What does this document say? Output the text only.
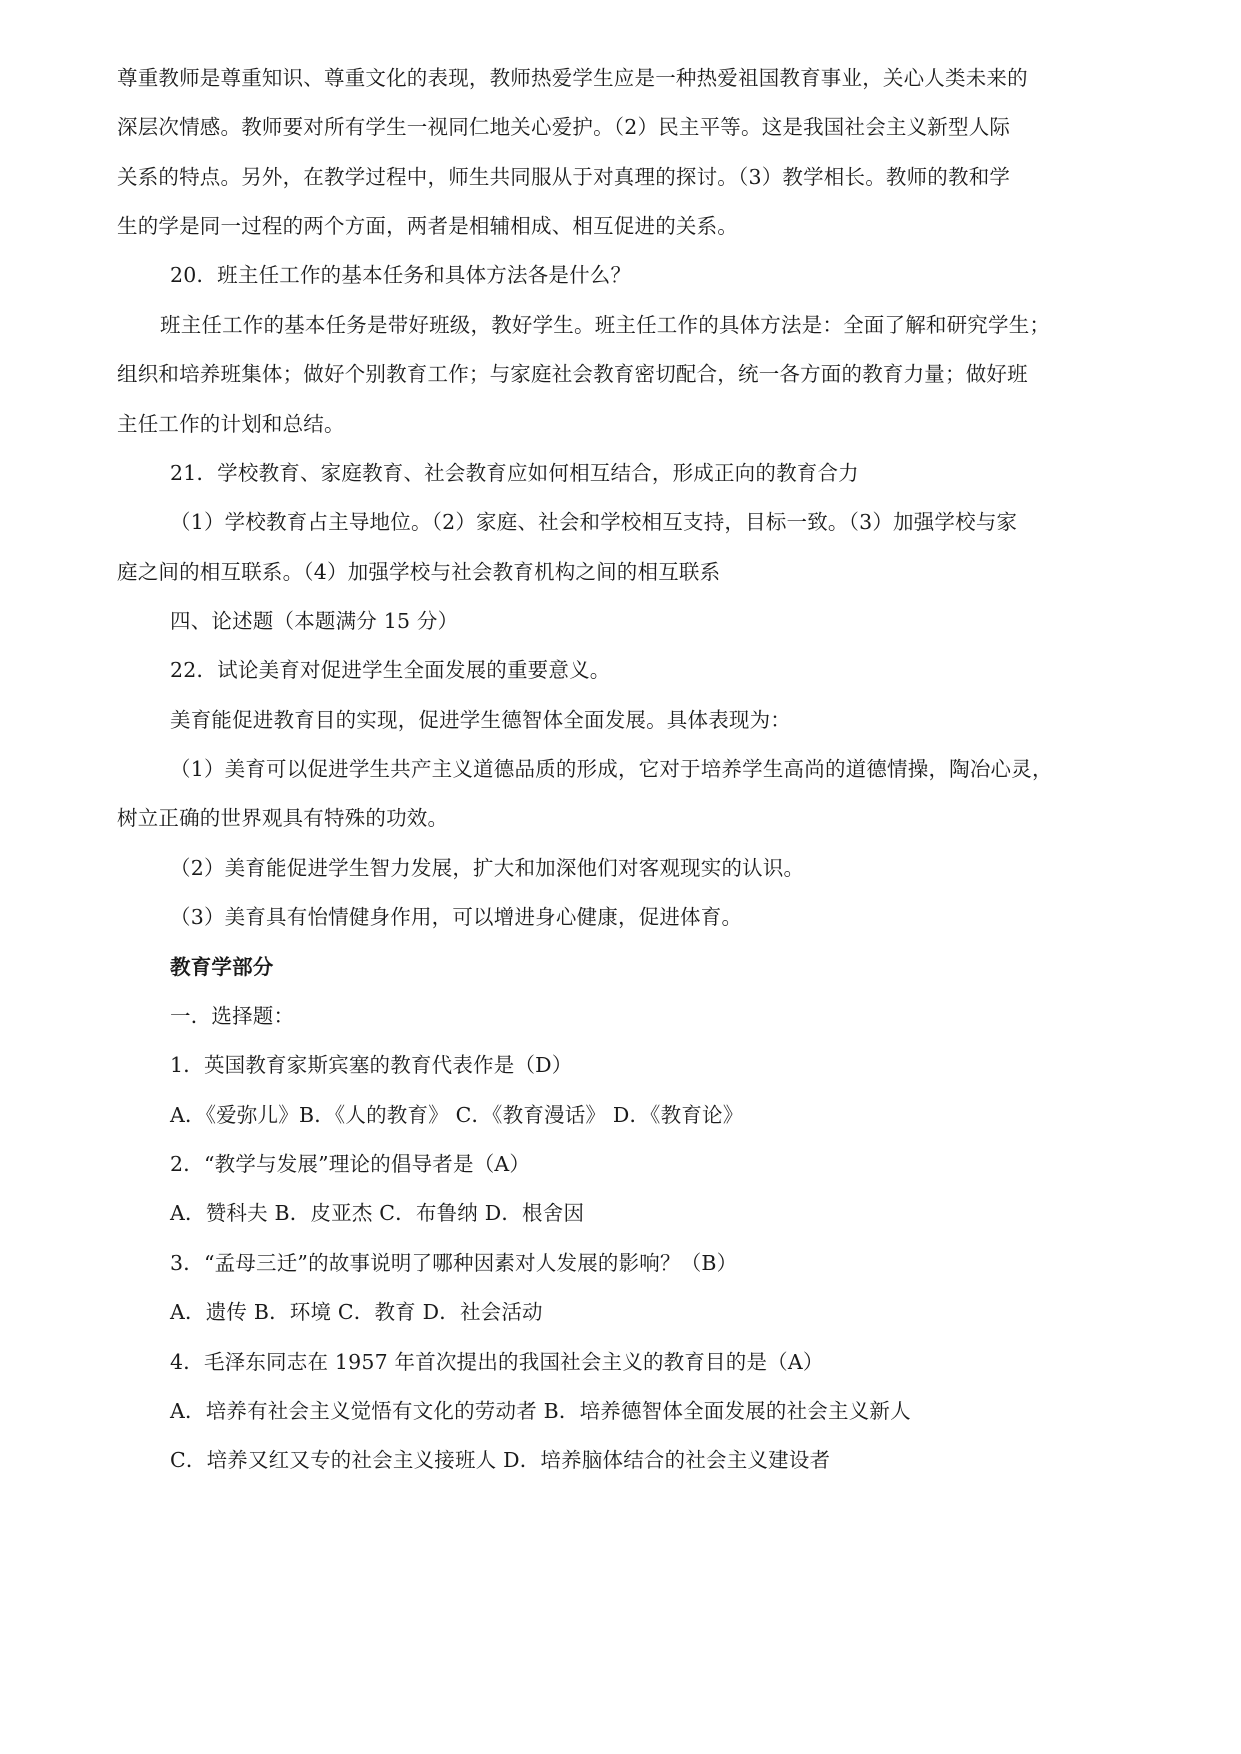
尊重教师是尊重知识、尊重文化的表现，教师热爱学生应是一种热爱祖国教育事业，关心人类未来的
深层次情感。教师要对所有学生一视同仁地关心爱护。（2）民主平等。这是我国社会主义新型人际
关系的特点。另外，在教学过程中，师生共同服从于对真理的探讨。（3）教学相长。教师的教和学
生的学是同一过程的两个方面，两者是相辅相成、相互促进的关系。
20．班主任工作的基本任务和具体方法各是什么？
班主任工作的基本任务是带好班级，教好学生。班主任工作的具体方法是：全面了解和研究学生；
组织和培养班集体；做好个别教育工作；与家庭社会教育密切配合，统一各方面的教育力量；做好班
主任工作的计划和总结。
21．学校教育、家庭教育、社会教育应如何相互结合，形成正向的教育合力
（1）学校教育占主导地位。（2）家庭、社会和学校相互支持，目标一致。（3）加强学校与家
庭之间的相互联系。（4）加强学校与社会教育机构之间的相互联系
四、论述题（本题满分 15 分）
22．试论美育对促进学生全面发展的重要意义。
美育能促进教育目的实现，促进学生德智体全面发展。具体表现为：
（1）美育可以促进学生共产主义道德品质的形成，它对于培养学生高尚的道德情操，陶冶心灵，
树立正确的世界观具有特殊的功效。
（2）美育能促进学生智力发展，扩大和加深他们对客观现实的认识。
（3）美育具有怡情健身作用，可以增进身心健康，促进体育。
教育学部分
一．选择题：
1．英国教育家斯宾塞的教育代表作是（D）
A．《爱弥儿》B．《人的教育》 C．《教育漫话》 D．《教育论》
2．“教学与发展”理论的倡导者是（A）
A．赞科夫 B．皮亚杰 C．布鲁纳 D．根舍因
3．“孟母三迁”的故事说明了哪种因素对人发展的影响？（B）
A．遗传 B．环境 C．教育 D．社会活动
4．毛泽东同志在 1957 年首次提出的我国社会主义的教育目的是（A）
A．培养有社会主义觉悟有文化的劳动者 B．培养德智体全面发展的社会主义新人
C．培养又红又专的社会主义接班人 D．培养脑体结合的社会主义建设者
